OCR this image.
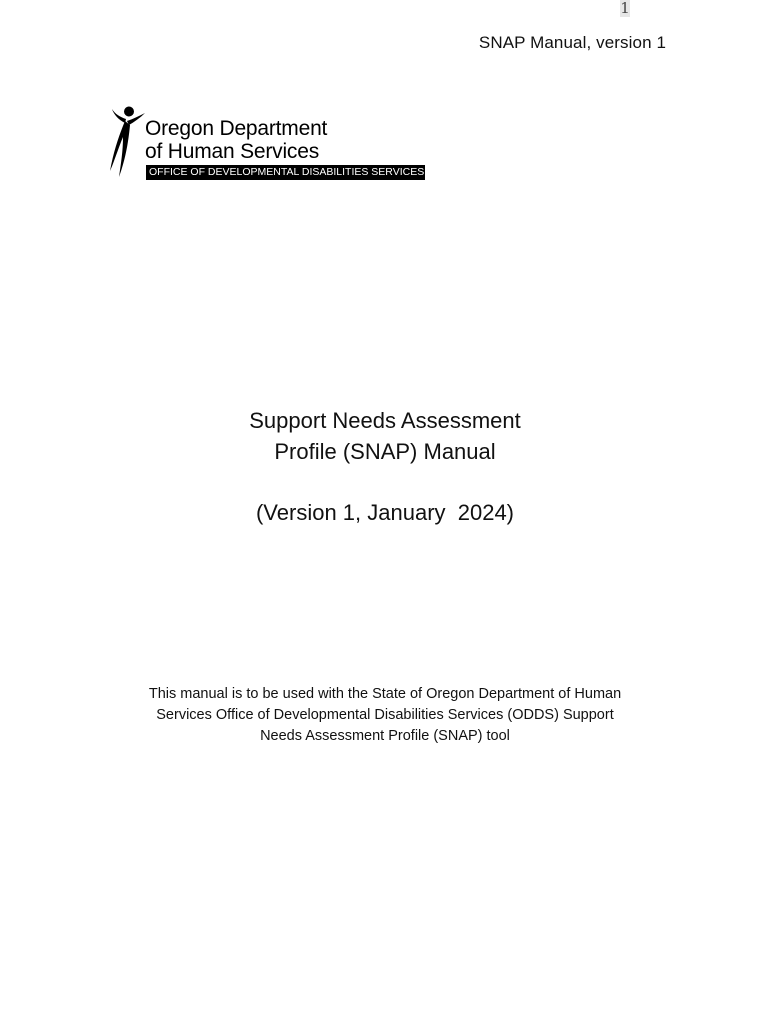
1
SNAP Manual, version 1
Oregon Department
of Human Services
OFFICE OF DEVELOPMENTAL DISABILITIES SERVICES
Support Needs Assessment
Profile (SNAP) Manual
(Version 1, January  2024)
This manual is to be used with the State of Oregon Department of Human
Services Office of Developmental Disabilities Services (ODDS) Support
Needs Assessment Profile (SNAP) tool
